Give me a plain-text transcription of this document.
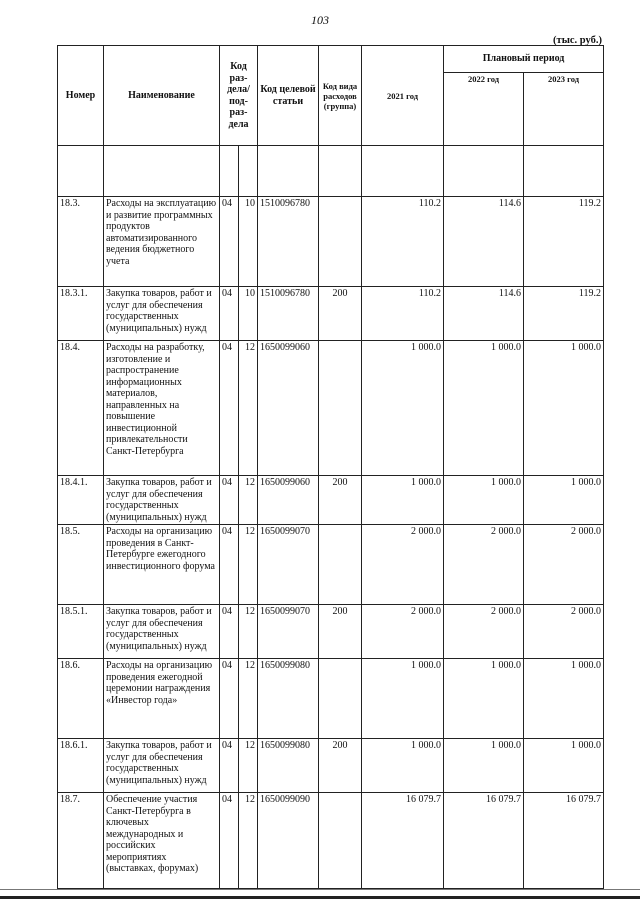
103
(тыс. руб.)
Номер	Наименование	Код раз-дела/ под-раз-дела		Код целевой статьи	Код вида расходов (группа)	2021 год	Плановый период	
							2022 год	2023 год

18.3.	Расходы на эксплуатацию и развитие программных продуктов автоматизированного ведения бюджетного учета	04	10	1510096780		110.2	114.6	119.2
18.3.1.	Закупка товаров, работ и услуг для обеспечения государственных (муниципальных) нужд	04	10	1510096780	200	110.2	114.6	119.2
18.4.	Расходы на разработку, изготовление и распространение информационных материалов, направленных на повышение инвестиционной привлекательности Санкт-Петербурга	04	12	1650099060		1 000.0	1 000.0	1 000.0
18.4.1.	Закупка товаров, работ и услуг для обеспечения государственных (муниципальных) нужд	04	12	1650099060	200	1 000.0	1 000.0	1 000.0
18.5.	Расходы на организацию проведения в Санкт-Петербурге ежегодного инвестиционного форума	04	12	1650099070		2 000.0	2 000.0	2 000.0
18.5.1.	Закупка товаров, работ и услуг для обеспечения государственных (муниципальных) нужд	04	12	1650099070	200	2 000.0	2 000.0	2 000.0
18.6.	Расходы на организацию проведения ежегодной церемонии награждения «Инвестор года»	04	12	1650099080		1 000.0	1 000.0	1 000.0
18.6.1.	Закупка товаров, работ и услуг для обеспечения государственных (муниципальных) нужд	04	12	1650099080	200	1 000.0	1 000.0	1 000.0
18.7.	Обеспечение участия Санкт-Петербурга в ключевых международных и российских мероприятиях (выставках, форумах)	04	12	1650099090		16 079.7	16 079.7	16 079.7
